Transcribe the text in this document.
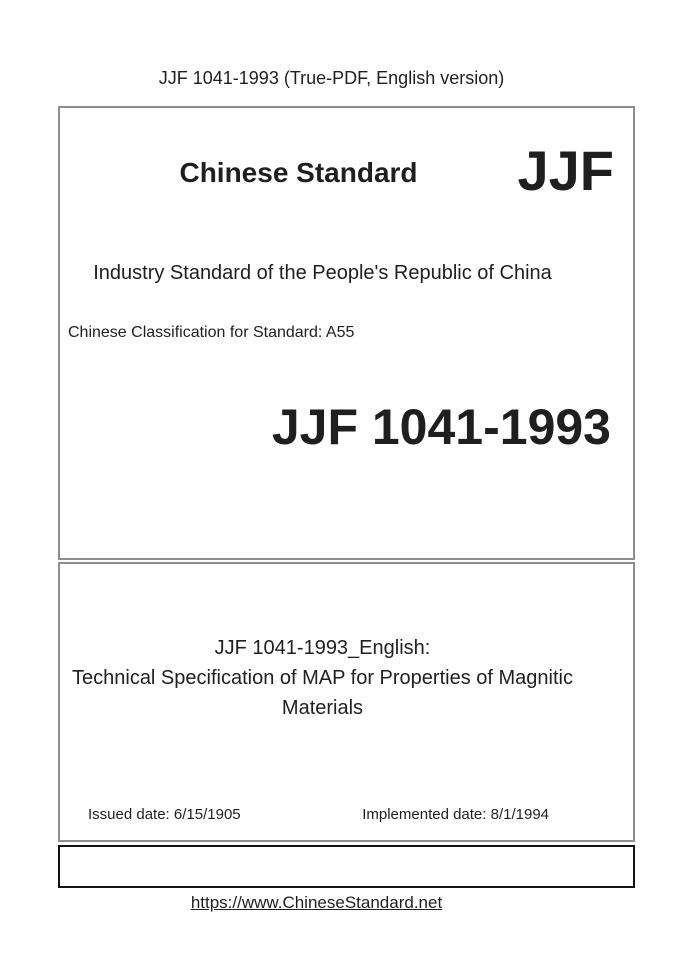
JJF 1041-1993 (True-PDF, English version)
Chinese Standard	JJF
Industry Standard of the People's Republic of China
Chinese Classification for Standard: A55
JJF 1041-1993
JJF 1041-1993_English:
Technical Specification of MAP for Properties of Magnitic
Materials
Issued date: 6/15/1905	Implemented date: 8/1/1994
https://www.ChineseStandard.net
